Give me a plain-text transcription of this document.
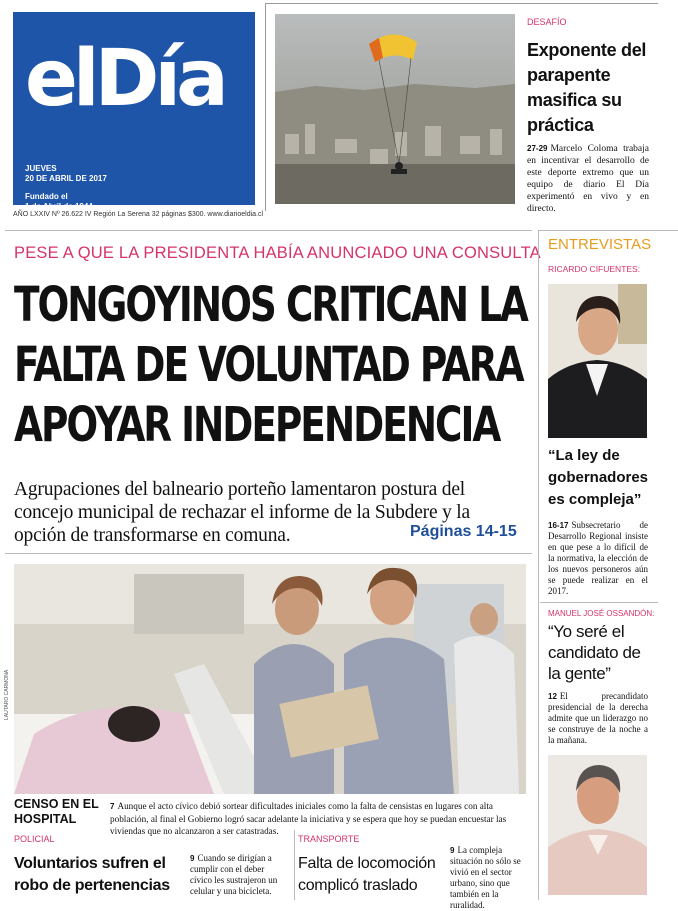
elDía
JUEVES
20 DE ABRIL DE 2017
Fundado el
1 de Abril de 1944
AÑO LXXIV Nº 26.622 IV Región La Serena 32 páginas $300. www.diarioeldia.cl
DESAFÍO
Exponente del parapente masifica su práctica
27-29 Marcelo Coloma trabaja en incentivar el desarrollo de este deporte extremo que un equipo de diario El Día experimentó en vivo y en directo.
PESE A QUE LA PRESIDENTA HABÍA ANUNCIADO UNA CONSULTA
TONGOYINOS CRITICAN LA FALTA DE VOLUNTAD PARA APOYAR INDEPENDENCIA
Agrupaciones del balneario porteño lamentaron postura del concejo municipal de rechazar el informe de la Subdere y la opción de transformarse en comuna.	Páginas 14-15
ENTREVISTAS
RICARDO CIFUENTES:
“La ley de gobernadores es compleja”
16-17 Subsecretario de Desarrollo Regional insiste en que pese a lo difícil de la normativa, la elección de los nuevos personeros aún se puede realizar en el 2017.
MANUEL JOSÉ OSSANDÓN:
“Yo seré el candidato de la gente”
12 El precandidato presidencial de la derecha admite que un liderazgo no se construye de la noche a la mañana.
LAUTARO CARMONA
CENSO EN EL
HOSPITAL
7 Aunque el acto cívico debió sortear dificultades iniciales como la falta de censistas en lugares con alta población, al final el Gobierno logró sacar adelante la iniciativa y se espera que hoy se puedan encuestar las viviendas que no alcanzaron a ser catastradas.
POLICIAL
Voluntarios sufren el robo de pertenencias
9 Cuando se dirigían a cumplir con el deber cívico les sustrajeron un celular y una bicicleta.
TRANSPORTE
Falta de locomoción complicó traslado
9 La compleja situación no sólo se vivió en el sector urbano, sino que también en la ruralidad.
